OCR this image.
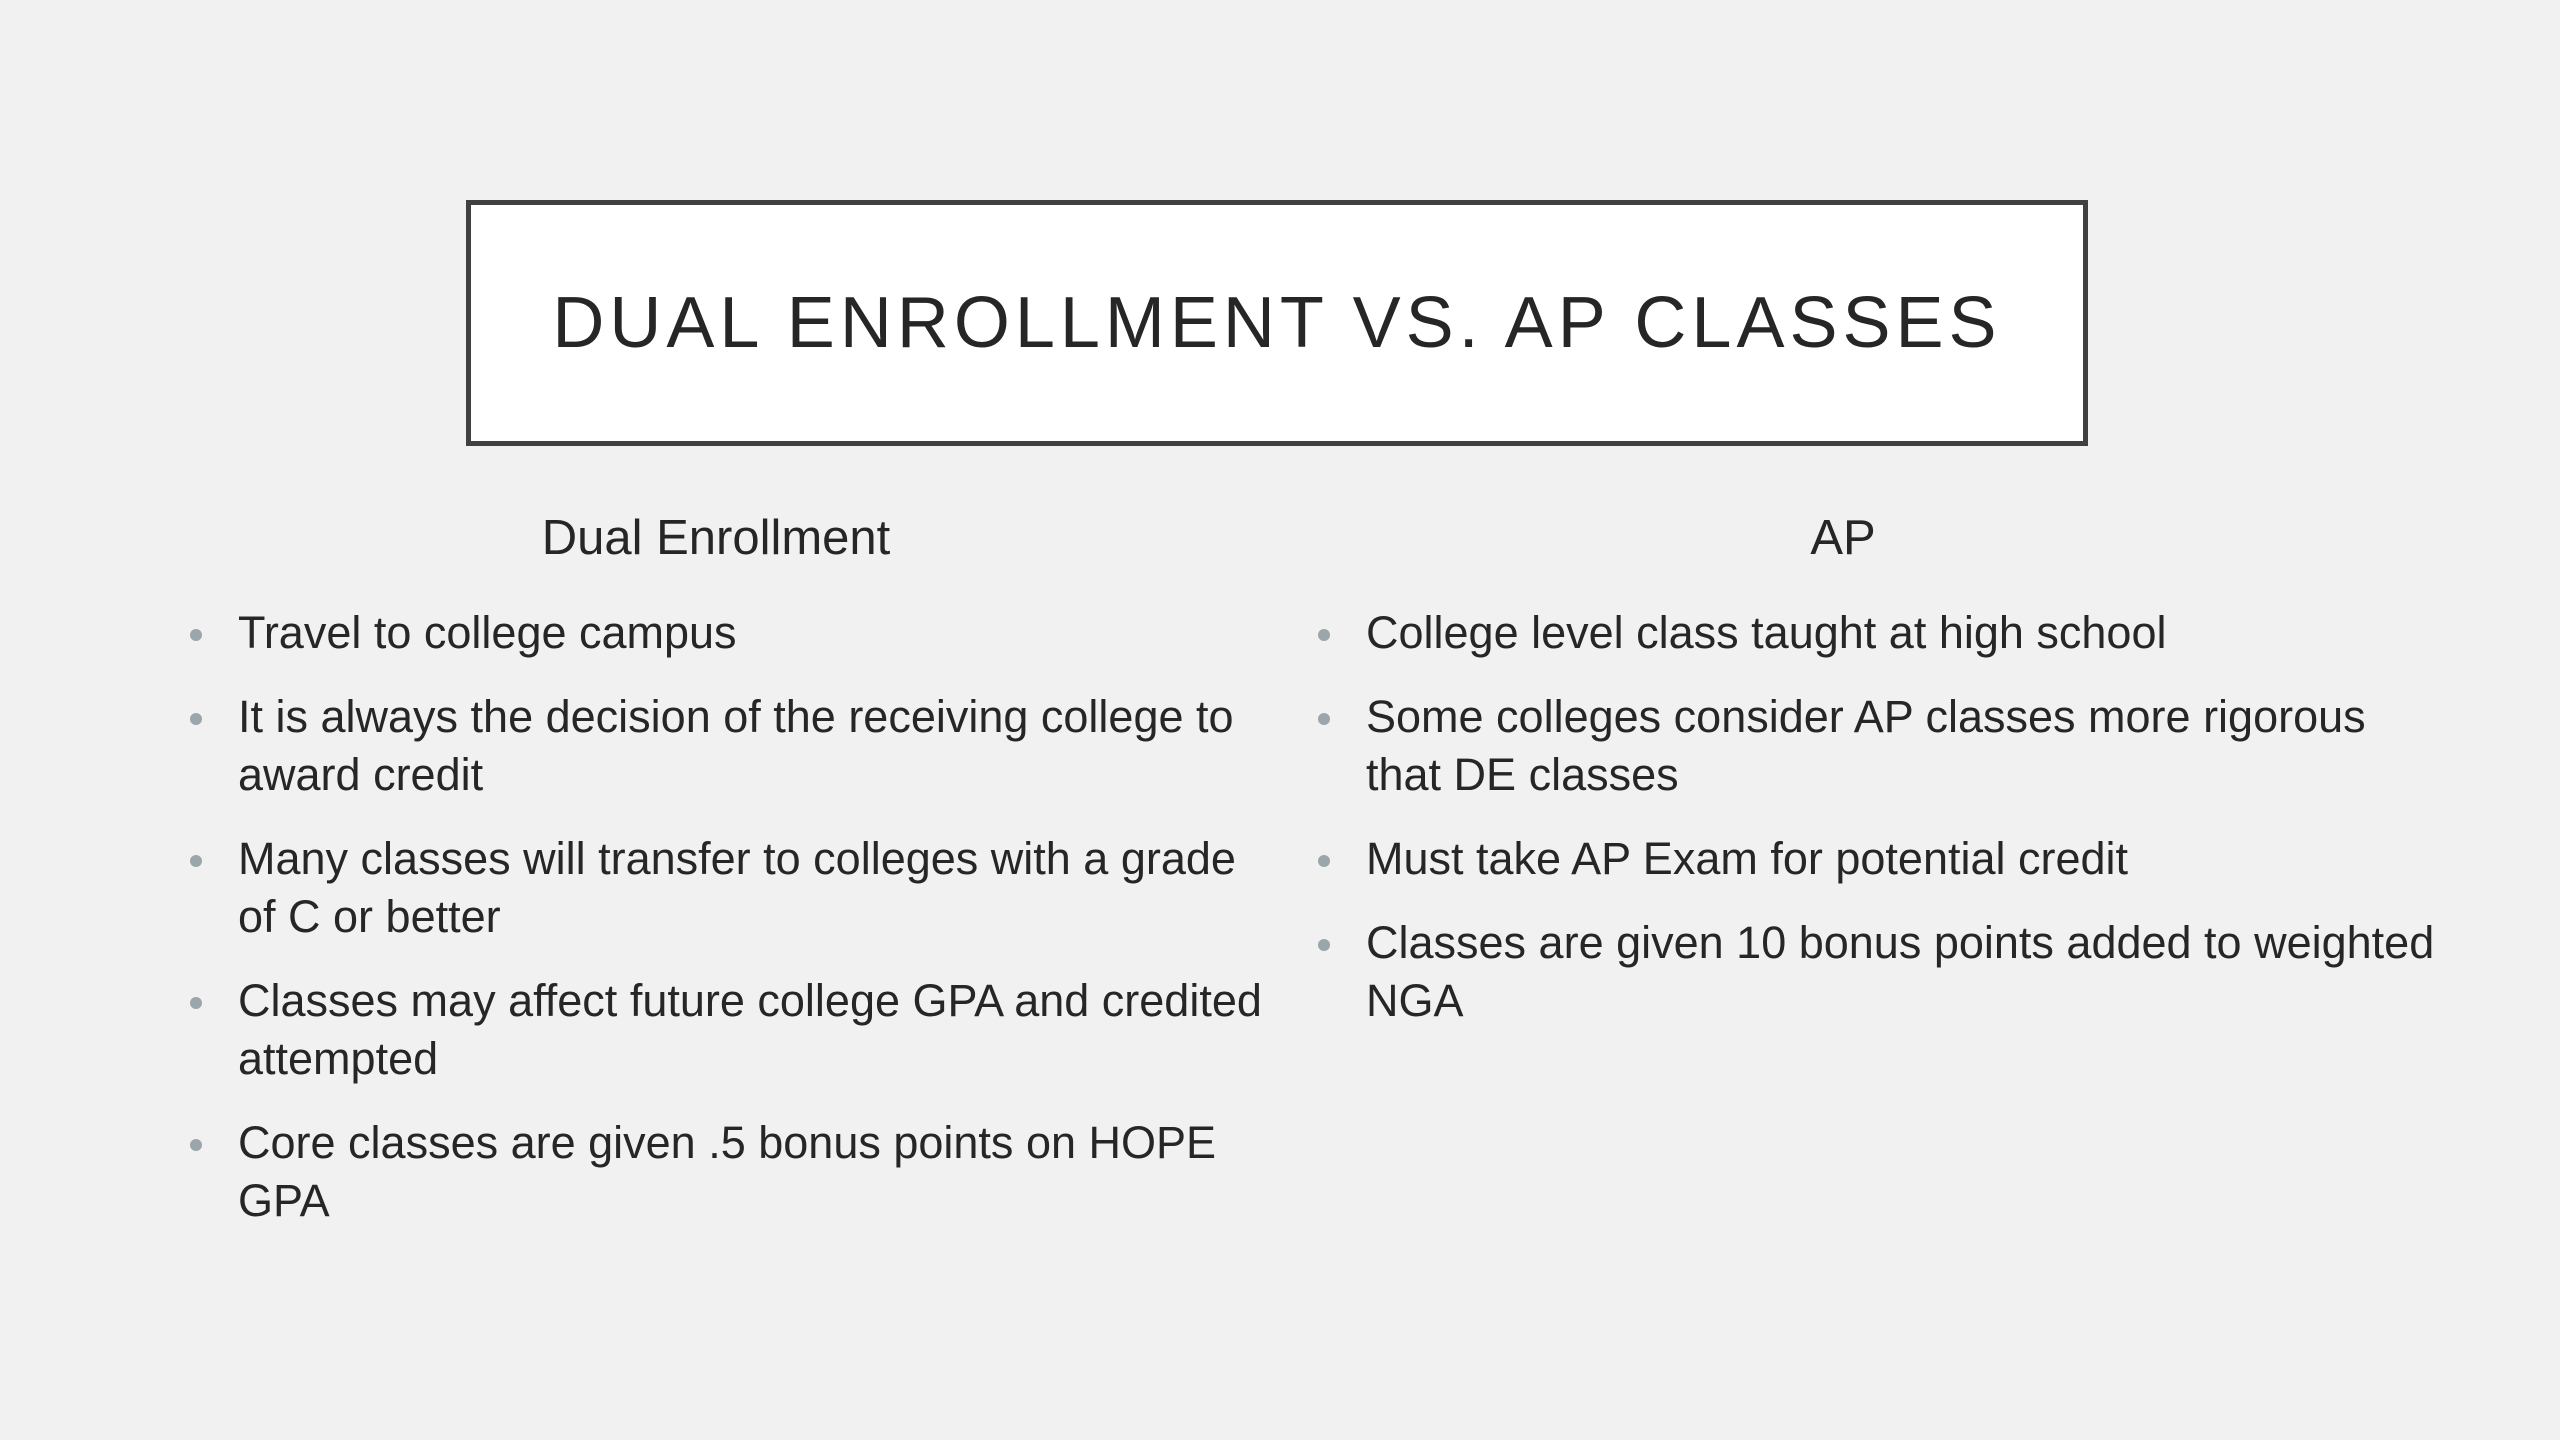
DUAL ENROLLMENT VS. AP CLASSES
Dual Enrollment
Travel to college campus
It is always the decision of the receiving college to award credit
Many classes will transfer to colleges with a grade of C or better
Classes may affect future college GPA and credited attempted
Core classes are given .5 bonus points on HOPE GPA
AP
College level class taught at high school
Some colleges consider AP classes more rigorous that DE classes
Must take AP Exam for potential credit
Classes are given 10 bonus points added to weighted NGA
